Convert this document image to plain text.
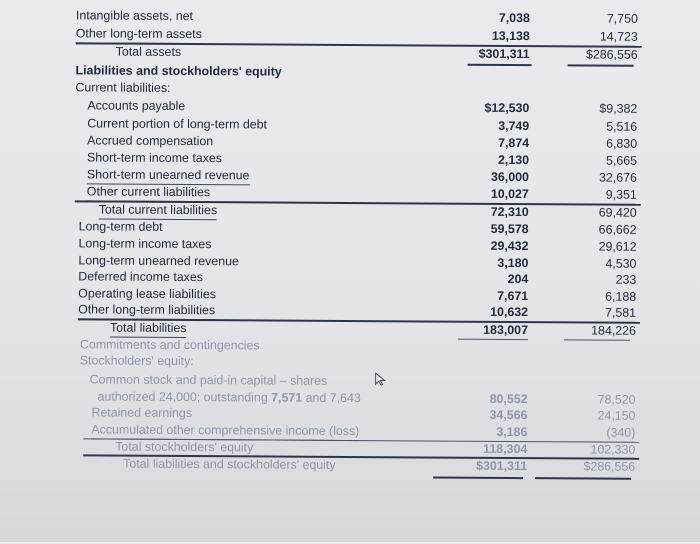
Intangible assets, net	7,038	7,750
Other long-term assets	13,138	14,723
Total assets	$301,311	$286,556
Liabilities and stockholders' equity
Current liabilities:
Accounts payable	$12,530	$9,382
Current portion of long-term debt	3,749	5,516
Accrued compensation	7,874	6,830
Short-term income taxes	2,130	5,665
Short-term unearned revenue	36,000	32,676
Other current liabilities	10,027	9,351
Total current liabilities	72,310	69,420
Long-term debt	59,578	66,662
Long-term income taxes	29,432	29,612
Long-term unearned revenue	3,180	4,530
Deferred income taxes	204	233
Operating lease liabilities	7,671	6,188
Other long-term liabilities	10,632	7,581
Total liabilities	183,007	184,226
Commitments and contingencies
Stockholders' equity:
Common stock and paid-in capital – shares
authorized 24,000; outstanding 7,571 and 7,643	80,552	78,520
Retained earnings	34,566	24,150
Accumulated other comprehensive income (loss)	3,186	(340)
Total stockholders' equity	118,304	102,330
Total liabilities and stockholders' equity	$301,311	$286,556
